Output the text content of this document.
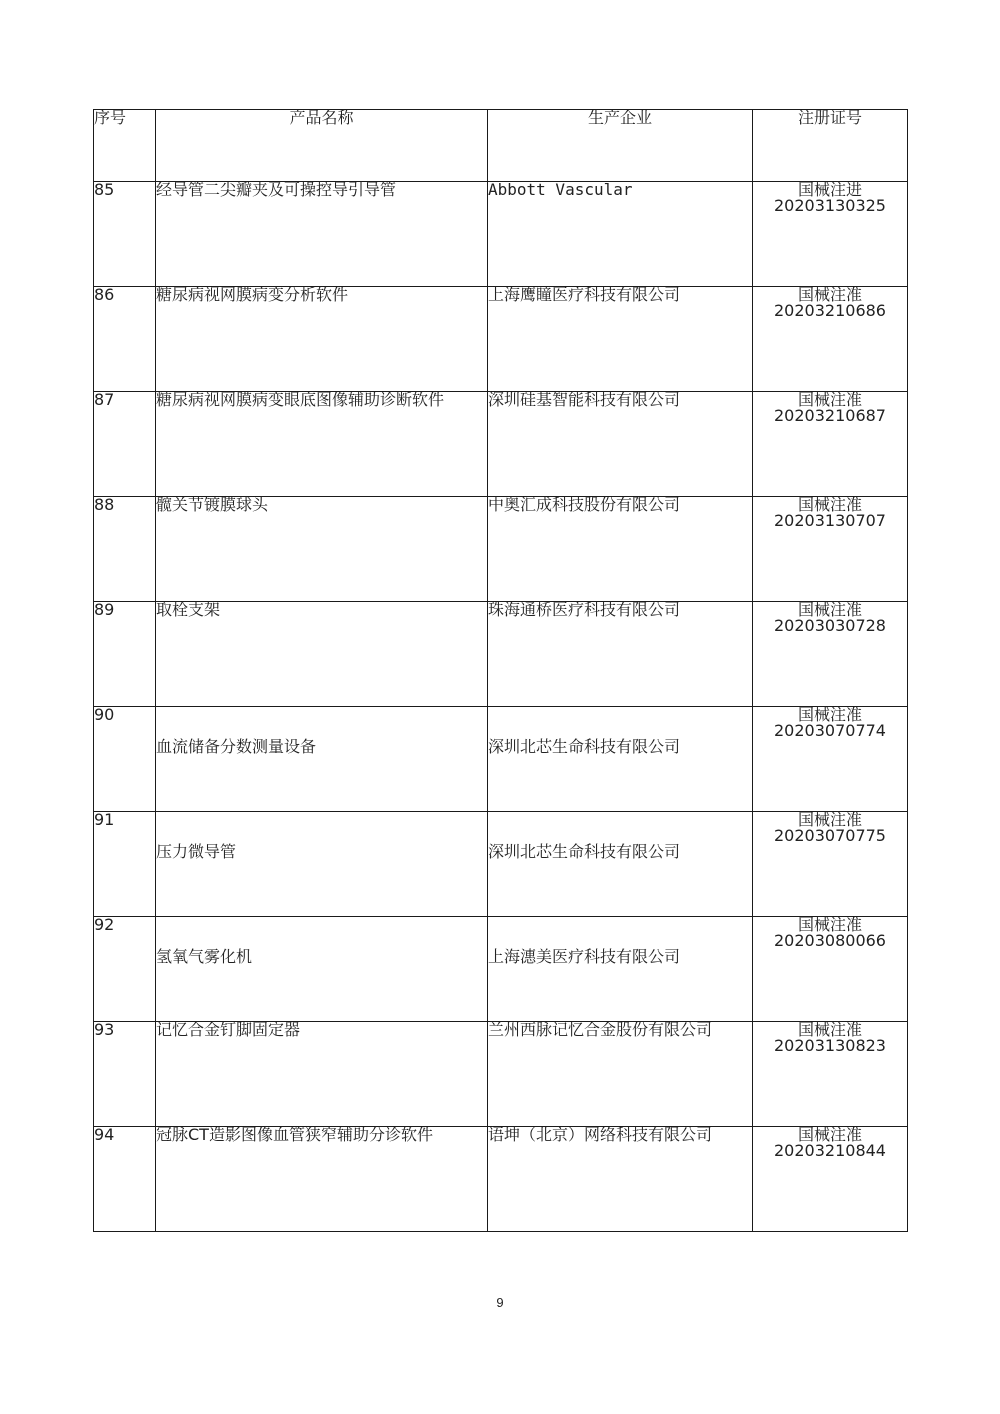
序号	产品名称	生产企业	注册证号
85	经导管二尖瓣夹及可操控导引导管	Abbott Vascular	国械注进
20203130325

86	糖尿病视网膜病变分析软件	上海鹰瞳医疗科技有限公司	国械注准
20203210686

87	糖尿病视网膜病变眼底图像辅助诊断软件	深圳硅基智能科技有限公司	国械注准
20203210687

88	髋关节镀膜球头	中奥汇成科技股份有限公司	国械注准
20203130707

89	取栓支架	珠海通桥医疗科技有限公司	国械注准
20203030728

90	血流储备分数测量设备	深圳北芯生命科技有限公司	国械注准
20203070774

91	压力微导管	深圳北芯生命科技有限公司	国械注准
20203070775

92	氢氧气雾化机	上海潓美医疗科技有限公司	国械注准
20203080066

93	记忆合金钉脚固定器	兰州西脉记忆合金股份有限公司	国械注准
20203130823

94	冠脉CT造影图像血管狭窄辅助分诊软件	语坤（北京）网络科技有限公司	国械注准
20203210844
9
